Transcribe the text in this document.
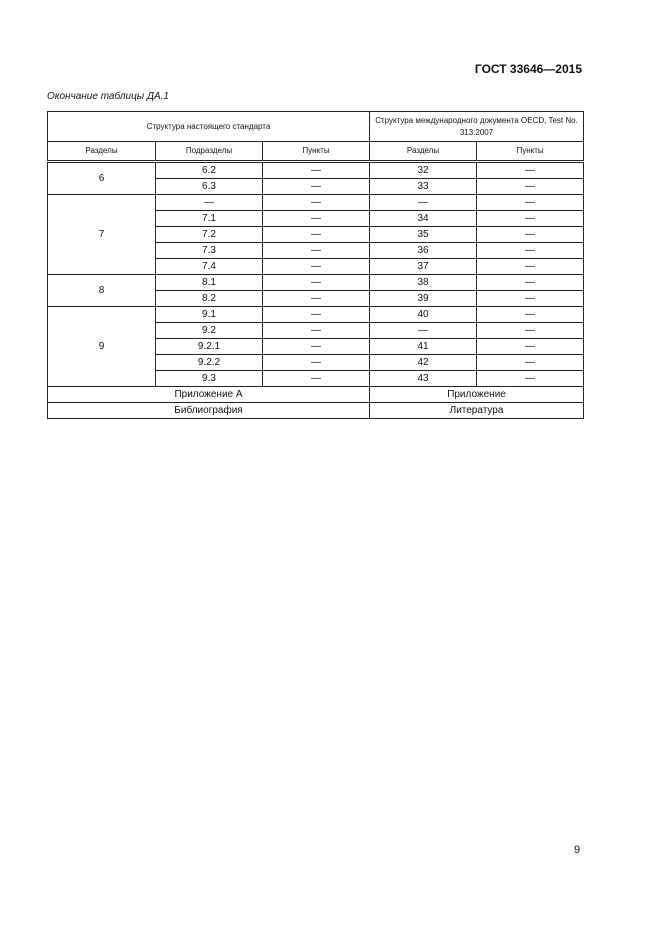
ГОСТ 33646—2015
Окончание таблицы ДА.1
Структура настоящего стандарта			Структура международного документа OECD, Test No. 313:2007	
Разделы	Подразделы	Пункты	Разделы	Пункты
6	6.2	—	32	—
	6.3	—	33	—
7	—	—	—	—
	7.1	—	34	—
	7.2	—	35	—
	7.3	—	36	—
	7.4	—	37	—
8	8.1	—	38	—
	8.2	—	39	—
9	9.1	—	40	—
	9.2	—	—	—
	9.2.1	—	41	—
	9.2.2	—	42	—
	9.3	—	43	—
Приложение А			Приложение	
Библиография			Литература	
9
